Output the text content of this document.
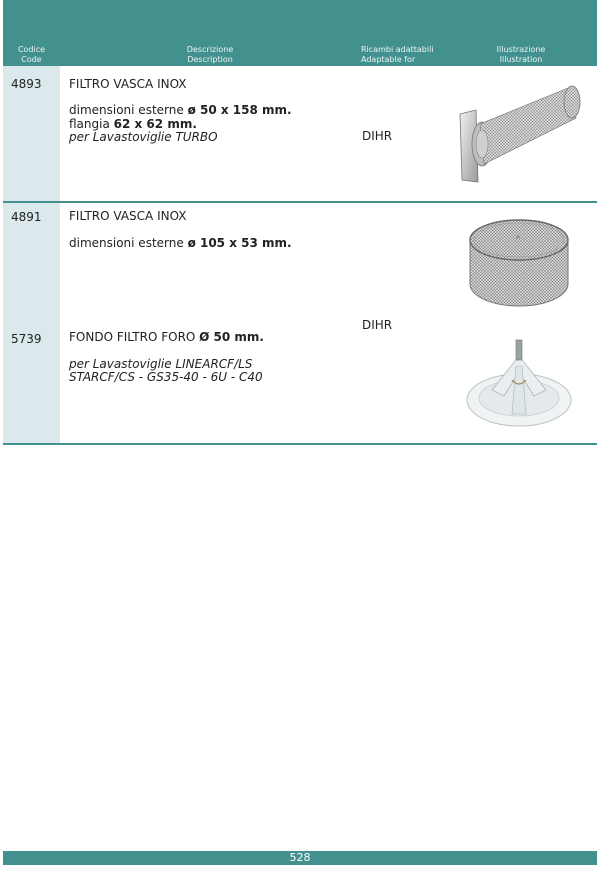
Codice
Code
Descrizione
Description
Ricambi adattabili
Adaptable for
Illustrazione
Illustration
4893 FILTRO VASCA INOX
dimensioni esterne ø 50 x 158 mm.
flangia 62 x 62 mm.
per Lavastoviglie TURBO	DIHR
4891 FILTRO VASCA INOX
dimensioni esterne ø 105 x 53 mm.
DIHR
5739 FONDO FILTRO FORO Ø 50 mm.
per Lavastoviglie LINEARCF/LS
STARCF/CS - GS35-40 - 6U - C40
528
